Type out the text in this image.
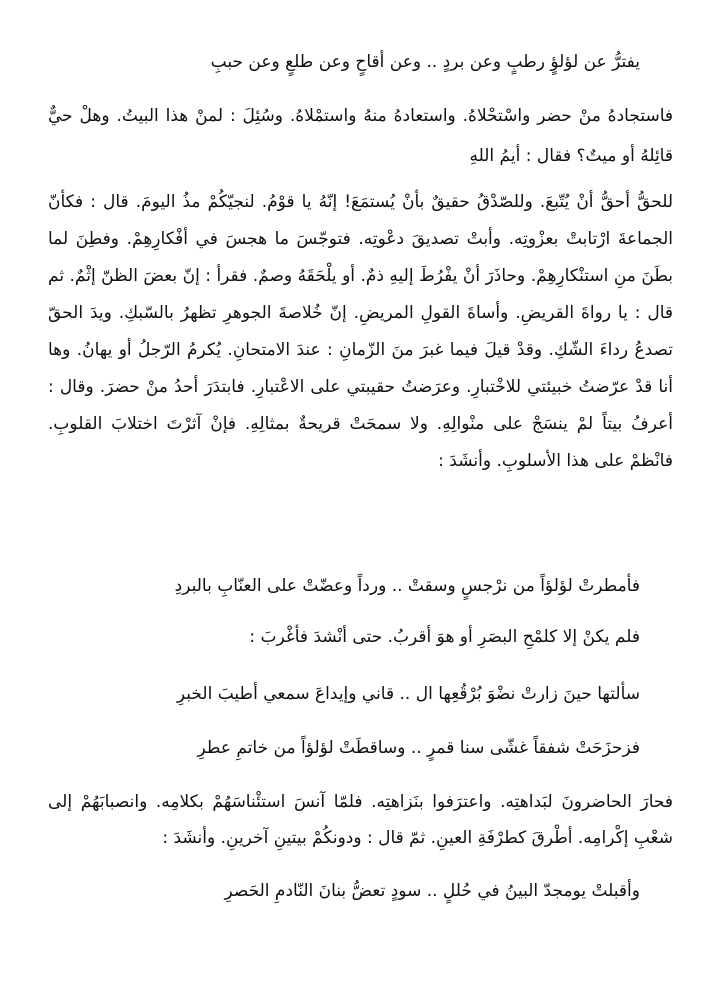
يفترُّ عن لؤلؤٍ رطبٍ وعن بردٍ .. وعن أقاحٍ وعن طلعٍ وعن حببِ
فاستجادهُ منْ حضر واسْتحْلاهُ. واستعادهُ منهُ واستمْلاهُ. وسُئِلَ : لمنْ هذا البيتُ. وهلْ حيٌّ قائِلهُ أو ميتٌ؟ فقال : أيمُ اللهِ
للحقُّ أحقُّ أنْ يُتّبعَ. وللصّدْقُ حقيقٌ بأنْ يُستمَعَ! إنّهُ يا قوْمُ. لنجيّكُمْ مذُ اليومَ. قال : فكأنّ الجماعةَ ارْتابتْ بعزْوتِه. وأبتْ تصديقَ دعْوتِه. فتوجّسَ ما هجسَ في أفْكارِهِمْ. وفطِنَ لما بطَنَ منِ استنْكارِهِمْ. وحاذَرَ أنْ يفْرُطَ إليهِ ذمٌ. أو يلْحَقَهُ وصمٌ. فقرأ : إنّ بعضَ الظنّ إثْمٌ. ثم قال : يا رواةَ القريضِ. وأساةَ القولِ المريضِ. إنّ خُلاصةَ الجوهرِ تظهرُ بالسّبكِ. ويدَ الحقّ تصدعُ رداءَ الشّكِ. وقدْ قيلَ فيما غبرَ منَ الزّمانِ : عندَ الامتحانِ. يُكرمُ الرّجلُ أو يهانُ. وها أنا قدْ عرّضتُ خبيئتي للاخْتبارِ. وعرَضتُ حقيبتي على الاعْتبارِ. فابتدَرَ أحدُ منْ حضرَ. وقال : أعرفُ بيتاً لمْ ينسَجْ على منْوالِهِ. ولا سمحَتْ قريحةٌ بمثالِهِ. فإنْ آثرْتَ اختلابَ القلوبِ. فانْظمْ على هذا الأسلوبِ. وأنشَدَ :
فأمطرتْ لؤلؤاً من نرْجسٍ وسقتْ .. ورداً وعضّتْ على العنّابِ بالبردِ
فلم يكنْ إلا كلمْحِ البصَرِ أو هوَ أقربُ. حتى أنْشدَ فأغْربَ :
سألتها حينَ زارتْ نضْوَ بُرْقُعِها ال .. قاني وإيداعَ سمعي أطيبَ الخبرِ
فزحزَحَتْ شفقاً غشّى سنا قمرٍ .. وساقطَتْ لؤلؤاً من خاتمِ عطرِ
فحارَ الحاضرونَ لبَداهتِه. واعترَفوا بنَزاهتِه. فلمّا آنسَ استئْناسَهُمْ بكلامِه. وانصبابَهُمْ إلى شعْبِ إكْرامِه. أطْرقَ كطرْفَةِ العينِ. ثمّ قال : ودونكُمْ بيتينِ آخرينِ. وأنشَدَ :
وأقبلتْ يومجدّ البينُ في حُللٍ .. سودٍ تعضُّ بنانَ النّادمِ الحَصرِ
